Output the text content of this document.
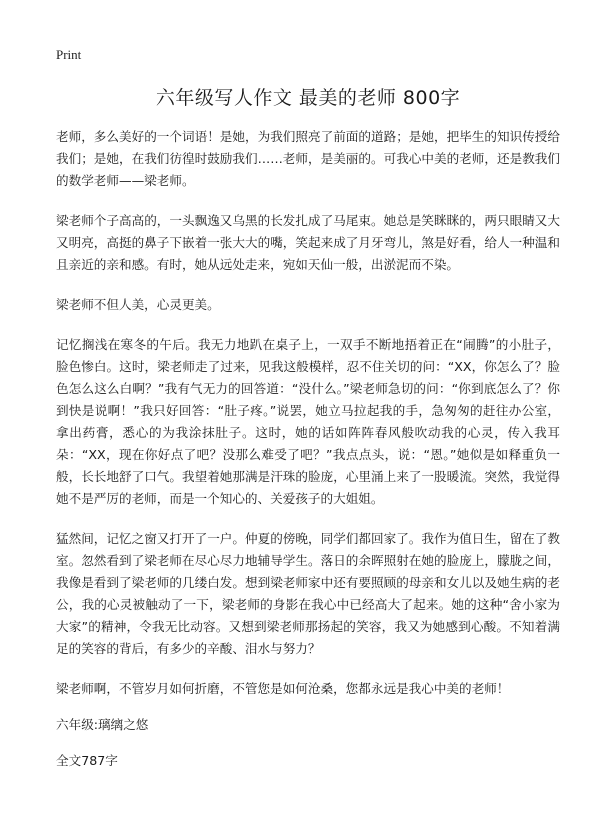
Print
六年级写人作文 最美的老师 800字

老师，多么美好的一个词语！是她，为我们照亮了前面的道路；是她，把毕生的知识传授给我们；是她，在我们彷徨时鼓励我们……老师，是美丽的。可我心中美的老师，还是教我们的数学老师——梁老师。

梁老师个子高高的，一头飘逸又乌黑的长发扎成了马尾束。她总是笑眯眯的，两只眼睛又大又明亮，高挺的鼻子下嵌着一张大大的嘴，笑起来成了月牙弯儿，煞是好看，给人一种温和且亲近的亲和感。有时，她从远处走来，宛如天仙一般，出淤泥而不染。

梁老师不但人美，心灵更美。

记忆搁浅在寒冬的午后。我无力地趴在桌子上，一双手不断地捂着正在“闹腾”的小肚子，脸色惨白。这时，梁老师走了过来，见我这般模样，忍不住关切的问：“XX，你怎么了？脸色怎么这么白啊？”我有气无力的回答道：“没什么。”梁老师急切的问：“你到底怎么了？你到快是说啊！”我只好回答：“肚子疼。”说罢，她立马拉起我的手，急匆匆的赶往办公室，拿出药膏，悉心的为我涂抹肚子。这时，她的话如阵阵春风般吹动我的心灵，传入我耳朵：“XX，现在你好点了吧？没那么难受了吧？”我点点头，说：“恩。”她似是如释重负一般，长长地舒了口气。我望着她那满是汗珠的脸庞，心里涌上来了一股暖流。突然，我觉得她不是严厉的老师，而是一个知心的、关爱孩子的大姐姐。

猛然间，记忆之窗又打开了一户。仲夏的傍晚，同学们都回家了。我作为值日生，留在了教室。忽然看到了梁老师在尽心尽力地辅导学生。落日的余晖照射在她的脸庞上，朦胧之间，我像是看到了梁老师的几缕白发。想到梁老师家中还有要照顾的母亲和女儿以及她生病的老公，我的心灵被触动了一下，梁老师的身影在我心中已经高大了起来。她的这种“舍小家为大家”的精神，令我无比动容。又想到梁老师那扬起的笑容，我又为她感到心酸。不知着满足的笑容的背后，有多少的辛酸、泪水与努力？

梁老师啊，不管岁月如何折磨，不管您是如何沧桑，您都永远是我心中美的老师！

六年级:璃缡之悠

全文787字
